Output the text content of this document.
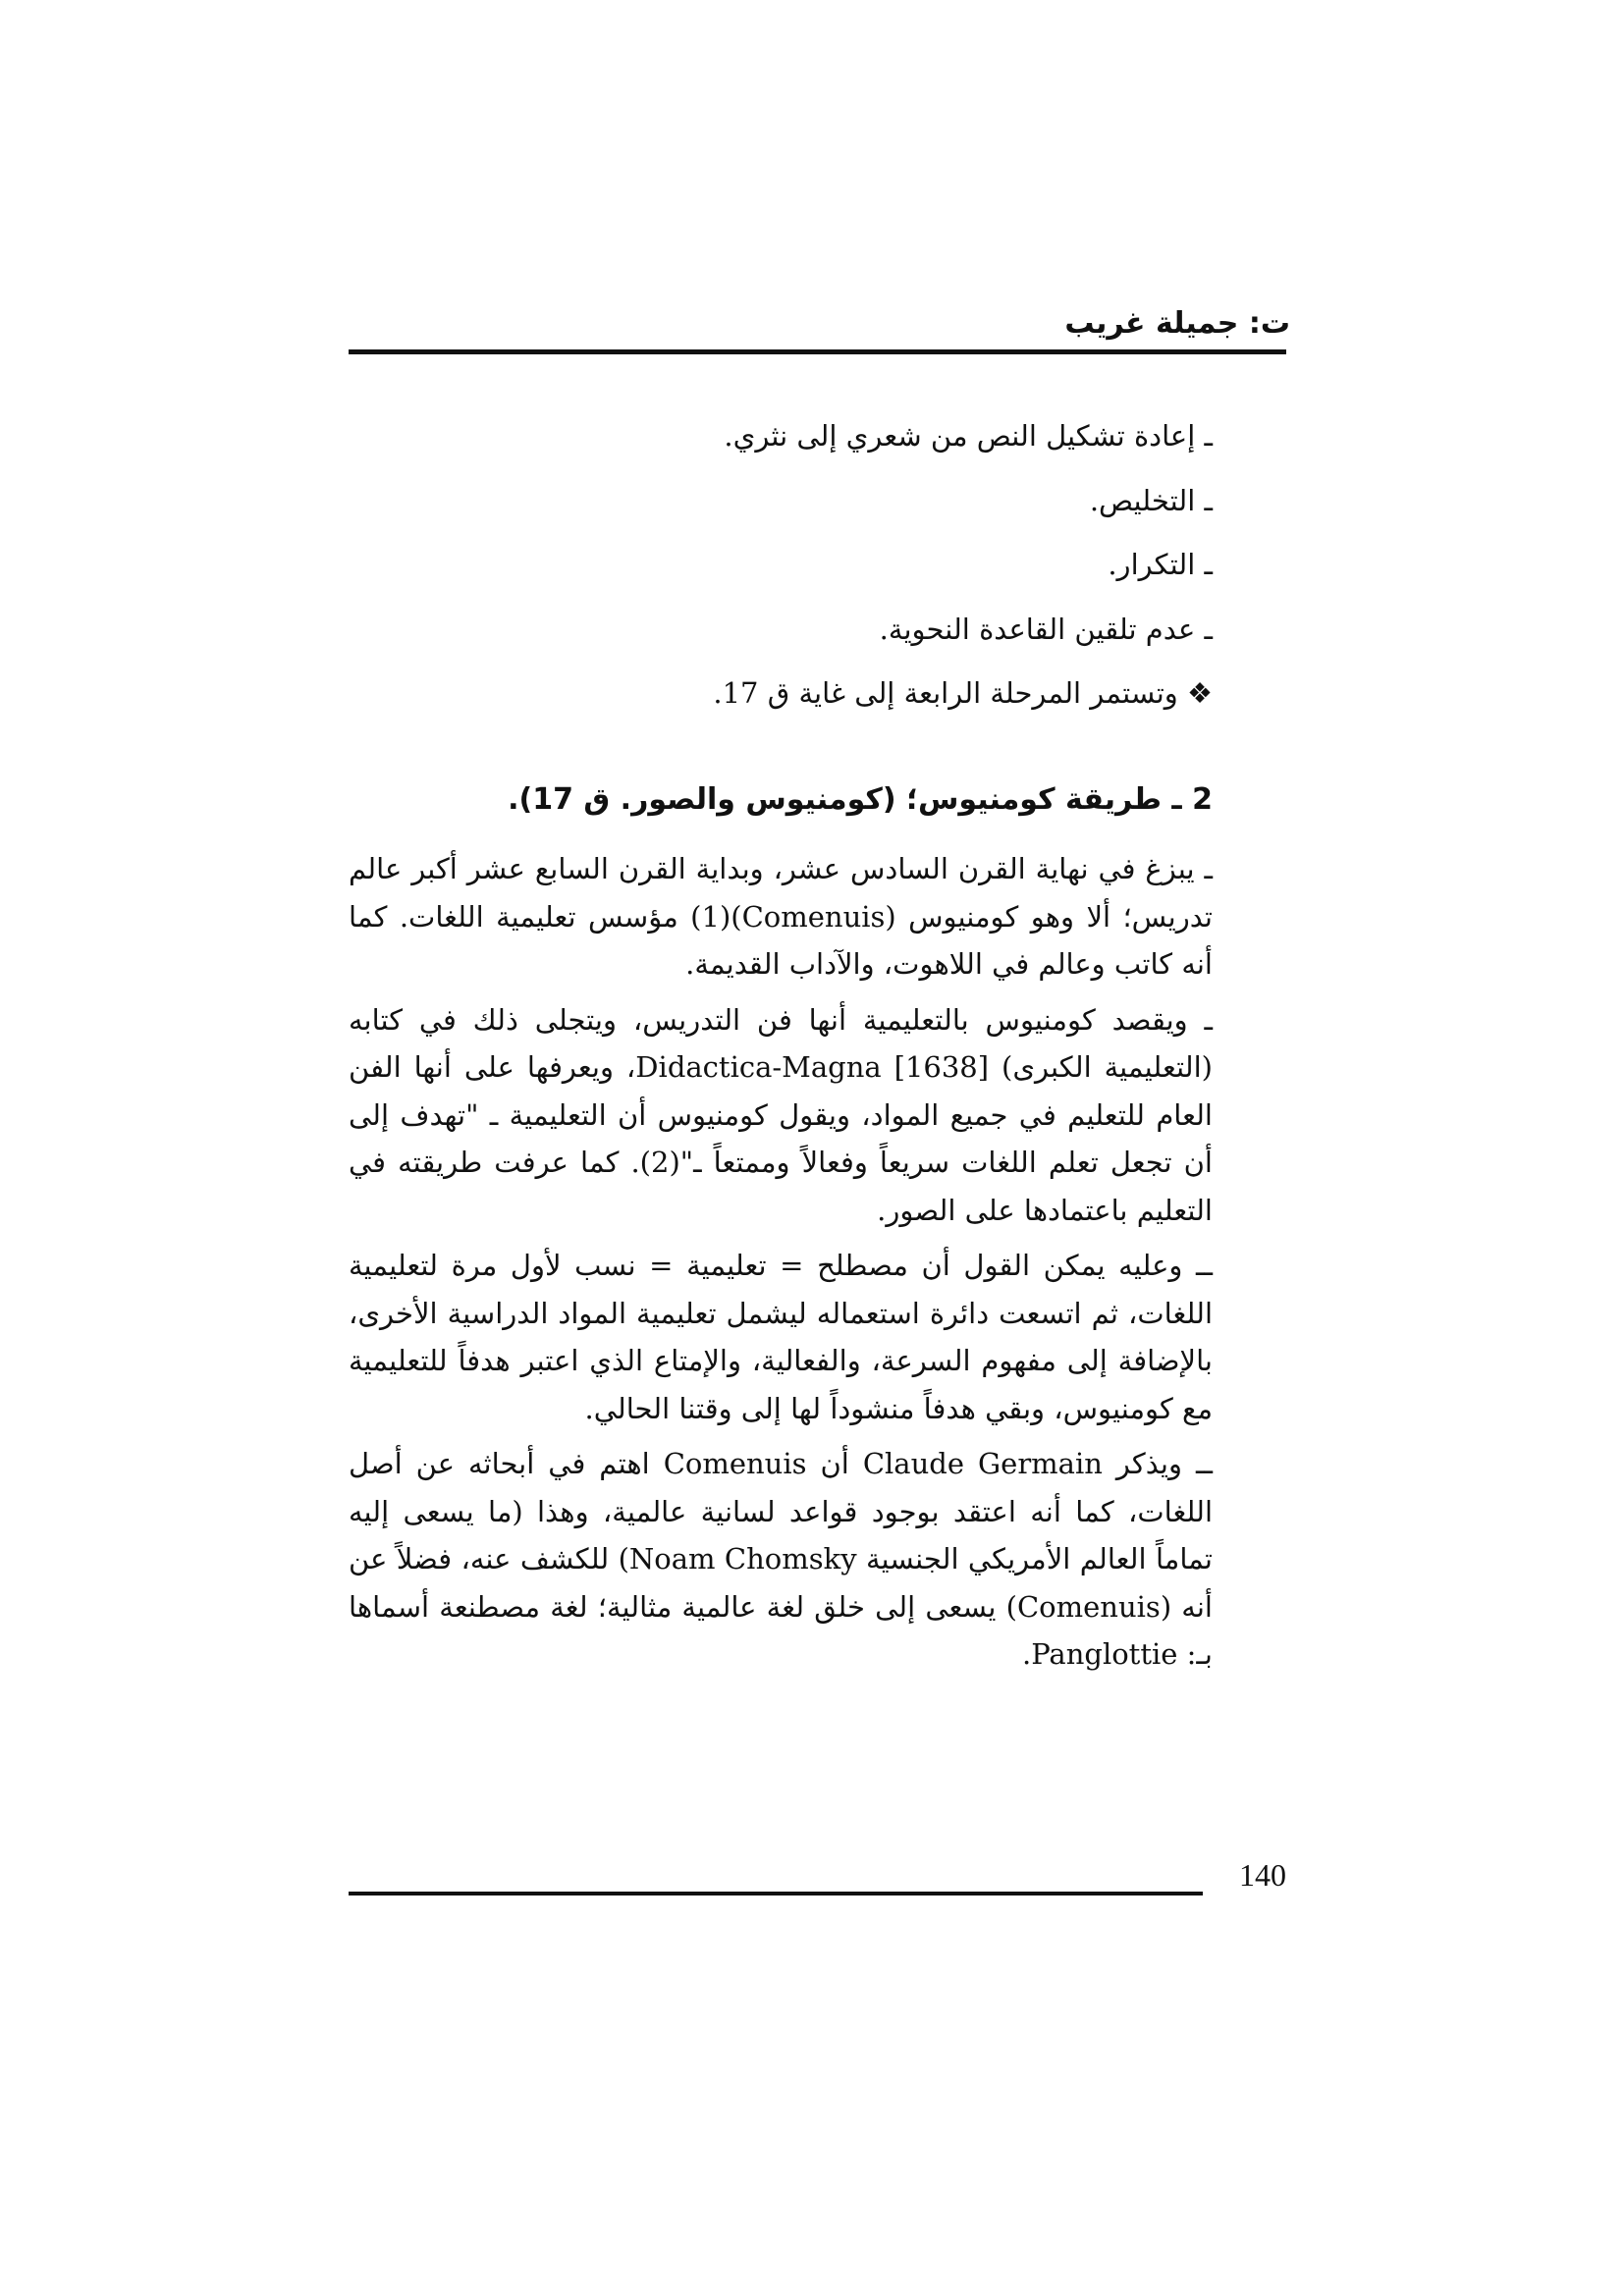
ت: جميلة غريب
ـ إعادة تشكيل النص من شعري إلى نثري.
ـ التخليص.
ـ التكرار.
ـ عدم تلقين القاعدة النحوية.
❖ وتستمر المرحلة الرابعة إلى غاية ق 17.
2 ـ طريقة كومنيوس؛ (كومنيوس والصور. ق 17).

ـ يبزغ في نهاية القرن السادس عشر، وبداية القرن السابع عشر أكبر عالم تدريس؛ ألا وهو كومنيوس (Comenuis)(1) مؤسس تعليمية اللغات. كما أنه كاتب وعالم في اللاهوت، والآداب القديمة.

ـ ويقصد كومنيوس بالتعليمية أنها فن التدريس، ويتجلى ذلك في كتابه (التعليمية الكبرى) Didactica-Magna [1638]، ويعرفها على أنها الفن العام للتعليم في جميع المواد، ويقول كومنيوس أن التعليمية ـ "تهدف إلى أن تجعل تعلم اللغات سريعاً وفعالاً وممتعاً ـ"(2). كما عرفت طريقته في التعليم باعتمادها على الصور.

ــ وعليه يمكن القول أن مصطلح = تعليمية = نسب لأول مرة لتعليمية اللغات، ثم اتسعت دائرة استعماله ليشمل تعليمية المواد الدراسية الأخرى، بالإضافة إلى مفهوم السرعة، والفعالية، والإمتاع الذي اعتبر هدفاً للتعليمية مع كومنيوس، وبقي هدفاً منشوداً لها إلى وقتنا الحالي.

ــ ويذكر Claude Germain أن Comenuis اهتم في أبحاثه عن أصل اللغات، كما أنه اعتقد بوجود قواعد لسانية عالمية، وهذا (ما يسعى إليه تماماً العالم الأمريكي الجنسية Noam Chomsky) للكشف عنه، فضلاً عن أنه (Comenuis) يسعى إلى خلق لغة عالمية مثالية؛ لغة مصطنعة أسماها بـ: Panglottie.

140
